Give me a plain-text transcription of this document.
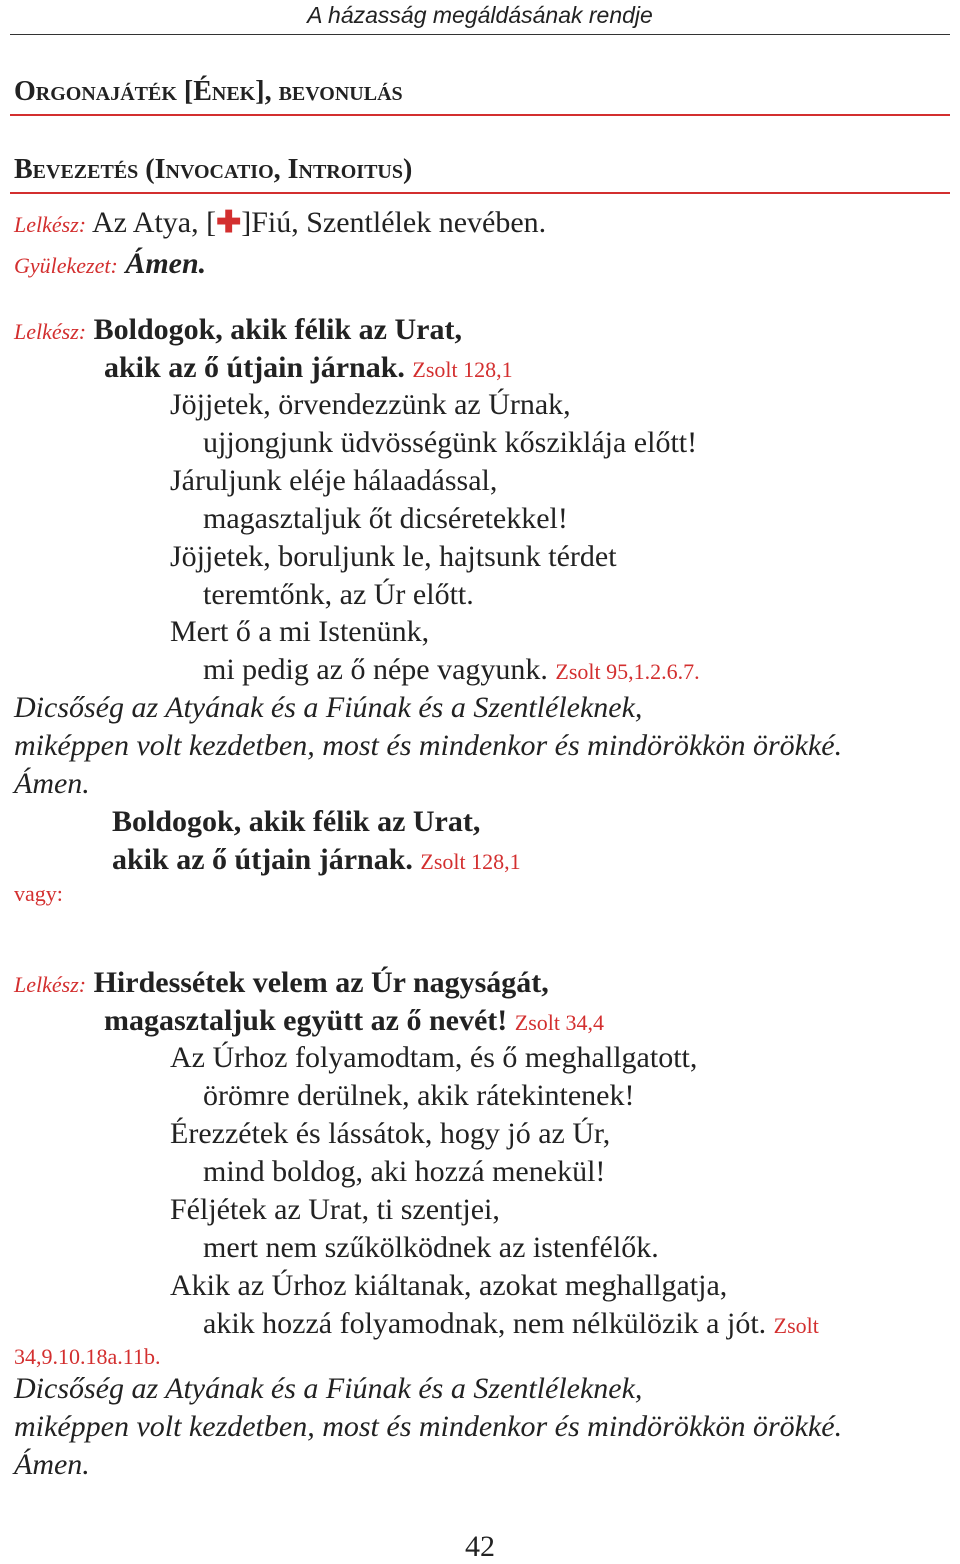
A házasság megáldásának rendje
Orgonajáték [Ének], bevonulás
Bevezetés (Invocatio, Introitus)
Lelkész: Az Atya, [✚]Fiú, Szentlélek nevében.
Gyülekezet: Ámen.
Lelkész: Boldogok, akik félik az Urat,
akik az ő útjain járnak. Zsolt 128,1
Jöjjetek, örvendezzünk az Úrnak,
ujjongjunk üdvösségünk kősziklája előtt!
Járuljunk eléje hálaadással,
magasztaljuk őt dicséretekkel!
Jöjjetek, boruljunk le, hajtsunk térdet
teremtőnk, az Úr előtt.
Mert ő a mi Istenünk,
mi pedig az ő népe vagyunk. Zsolt 95,1.2.6.7.
Dicsőség az Atyának és a Fiúnak és a Szentléleknek,
miképpen volt kezdetben, most és mindenkor és mindörökkön örökké.
Ámen.
Boldogok, akik félik az Urat,
akik az ő útjain járnak. Zsolt 128,1
vagy:
Lelkész: Hirdessétek velem az Úr nagyságát,
magasztaljuk együtt az ő nevét! Zsolt 34,4
Az Úrhoz folyamodtam, és ő meghallgatott,
örömre derülnek, akik rátekintenek!
Érezzétek és lássátok, hogy jó az Úr,
mind boldog, aki hozzá menekül!
Féljétek az Urat, ti szentjei,
mert nem szűkölködnek az istenfélők.
Akik az Úrhoz kiáltanak, azokat meghallgatja,
akik hozzá folyamodnak, nem nélkülözik a jót. Zsolt
34,9.10.18a.11b.
Dicsőség az Atyának és a Fiúnak és a Szentléleknek,
miképpen volt kezdetben, most és mindenkor és mindörökkön örökké.
Ámen.
42
